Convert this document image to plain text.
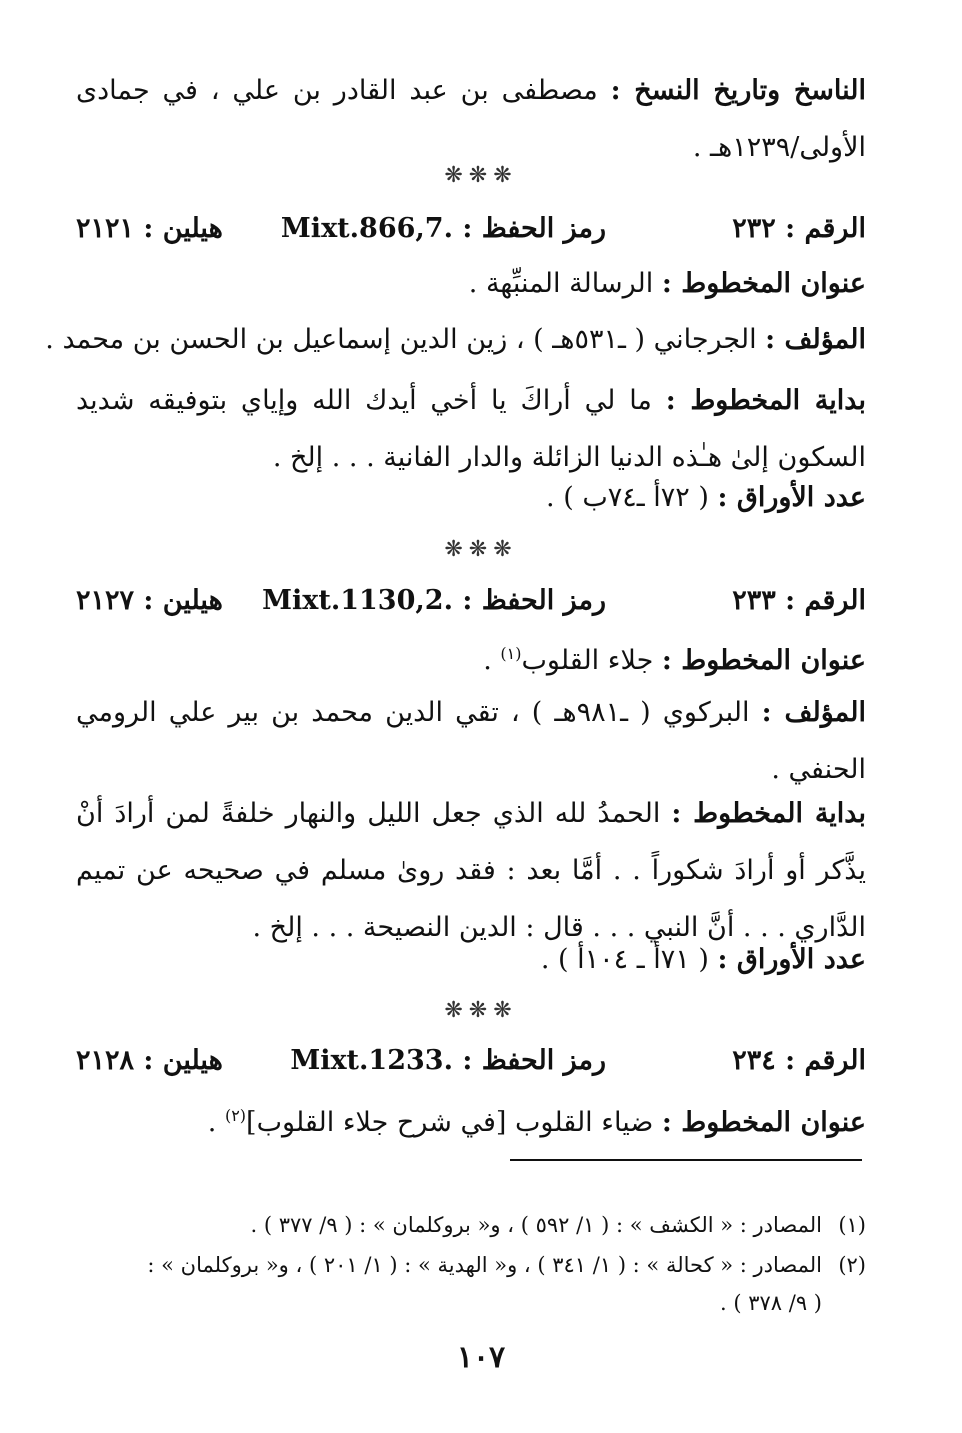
الناسخ وتاريخ النسخ : مصطفى بن عبد القادر بن علي ، في جمادى الأولى/١٢٣٩هـ .

❋❋❋
الرقم : ٢٣٢
رمز الحفظ : Mixt.866,7.
هيلين : ٢١٢١

عنوان المخطوط : الرسالة المنبِّهة .

المؤلف : الجرجاني ( ـ٥٣١هـ ) ، زين الدين إسماعيل بن الحسن بن محمد .

بداية المخطوط : ما لي أراكَ يا أخي أيدك الله وإياي بتوفيقه شديد السكون إلىٰ هـٰذه الدنيا الزائلة والدار الفانية . . . إلخ .

عدد الأوراق : ( ٧٢أ ـ٧٤ب ) .

❋❋❋
الرقم : ٢٣٣
رمز الحفظ : Mixt.1130,2.
هيلين : ٢١٢٧

عنوان المخطوط : جلاء القلوب$^{(١)}$ .

المؤلف : البركوي ( ـ٩٨١هـ ) ، تقي الدين محمد بن بير علي الرومي الحنفي .

بداية المخطوط : الحمدُ لله الذي جعل الليل والنهار خلفةً لمن أرادَ أنْ يذَّكر أو أرادَ شكوراً . . أمَّا بعد : فقد روىٰ مسلم في صحيحه عن تميم الدَّاري . . . أنَّ النبي . . . قال : الدين النصيحة . . . إلخ .

عدد الأوراق : ( ٧١أ ـ ١٠٤أ ) .

❋❋❋
الرقم : ٢٣٤
رمز الحفظ : Mixt.1233.
هيلين : ٢١٢٨

عنوان المخطوط : ضياء القلوب [في شرح جلاء القلوب]$^{(٢)}$ .

(١)المصادر : « الكشف » : ( ١/ ٥٩٢ ) ، و« بروكلمان » : ( ٩/ ٣٧٧ ) .

(٢)المصادر : « كحالة » : ( ١/ ٣٤١ ) ، و« الهدية » : ( ١/ ٢٠١ ) ، و« بروكلمان » :

( ٩/ ٣٧٨ ) .

١٠٧
